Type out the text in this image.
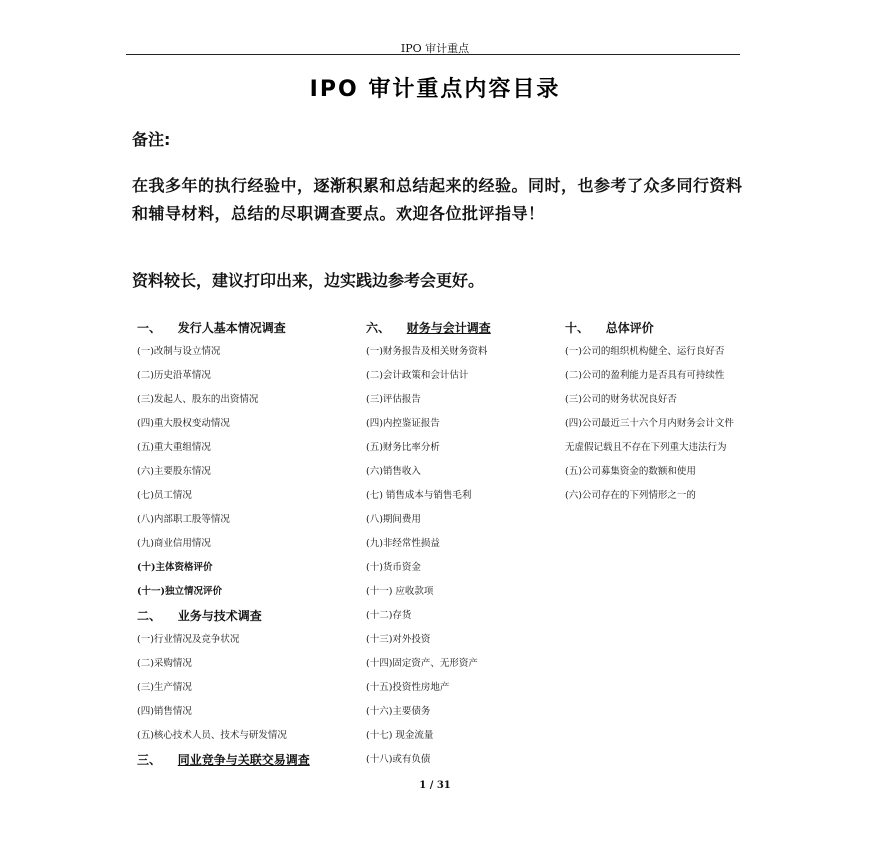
IPO 审计重点
IPO 审计重点内容目录
备注:
在我多年的执行经验中，逐渐积累和总结起来的经验。同时，也参考了众多同行资料和辅导材料，总结的尽职调查要点。欢迎各位批评指导！
资料较长，建议打印出来，边实践边参考会更好。
一、 发行人基本情况调查
(一)改制与设立情况
(二)历史沿革情况
(三)发起人、股东的出资情况
(四)重大股权变动情况
(五)重大重组情况
(六)主要股东情况
(七)员工情况
(八)内部职工股等情况
(九)商业信用情况
(十)主体资格评价
(十一)独立情况评价
二、 业务与技术调查
(一)行业情况及竞争状况
(二)采购情况
(三)生产情况
(四)销售情况
(五)核心技术人员、技术与研发情况
三、 同业竞争与关联交易调查
六、 财务与会计调查
(一)财务报告及相关财务资料
(二)会计政策和会计估计
(三)评估报告
(四)内控鉴证报告
(五)财务比率分析
(六)销售收入
(七) 销售成本与销售毛利
(八)期间费用
(九)非经常性损益
(十)货币资金
(十一) 应收款项
(十二)存货
(十三)对外投资
(十四)固定资产、无形资产
(十五)投资性房地产
(十六)主要债务
(十七) 现金流量
(十八)或有负债
十、 总体评价
(一)公司的组织机构健全、运行良好否
(二)公司的盈利能力是否具有可持续性
(三)公司的财务状况良好否
(四)公司最近三十六个月内财务会计文件
无虚假记载且不存在下列重大违法行为
(五)公司募集资金的数额和使用
(六)公司存在的下列情形之一的
1 / 31
